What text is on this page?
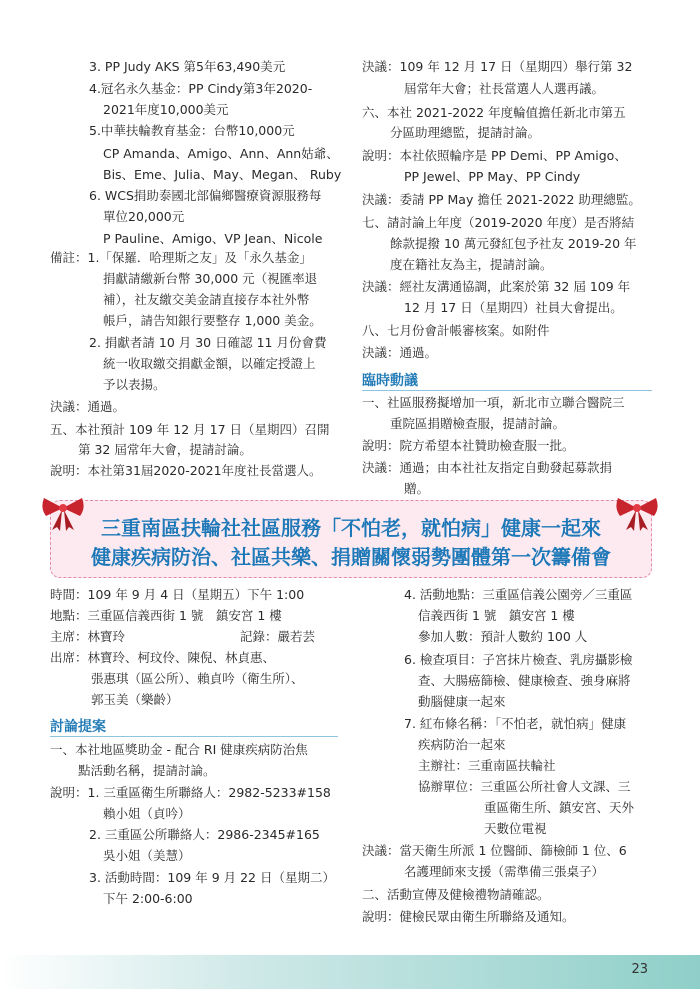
3. PP Judy AKS 第5年63,490美元
4.冠名永久基金：PP Cindy第3年2020-
2021年度10,000美元
5.中華扶輪教育基金：台幣10,000元
CP Amanda、Amigo、Ann、Ann姑爺、
Bis、Eme、Julia、May、Megan、 Ruby
6. WCS捐助泰國北部偏鄉醫療資源服務每
單位20,000元
P Pauline、Amigo、VP Jean、Nicole
備註：1.「保羅．哈理斯之友」及「永久基金」
捐獻請繳新台幣 30,000 元（視匯率退
補），社友繳交美金請直接存本社外幣
帳戶，請告知銀行要整存 1,000 美金。
2. 捐獻者請 10 月 30 日確認 11 月份會費
統一收取繳交捐獻金額，以確定授證上
予以表揚。
決議：通過。
五、本社預計 109 年 12 月 17 日（星期四）召開
第 32 屆常年大會，提請討論。
說明：本社第31屆2020-2021年度社長當選人。
決議：109 年 12 月 17 日（星期四）舉行第 32
屆常年大會；社長當選人人選再議。
六、本社 2021-2022 年度輪值擔任新北市第五
分區助理總監，提請討論。
說明：本社依照輪序是 PP Demi、PP Amigo、
PP Jewel、PP May、PP Cindy
決議：委請 PP May 擔任 2021-2022 助理總監。
七、請討論上年度（2019-2020 年度）是否將結
餘款提撥 10 萬元發紅包予社友 2019-20 年
度在籍社友為主，提請討論。
決議：經社友溝通協調，此案於第 32 屆 109 年
12 月 17 日（星期四）社員大會提出。
八、七月份會計帳審核案。如附件
決議：通過。
臨時動議
一、社區服務擬增加一項，新北市立聯合醫院三
重院區捐贈檢查服，提請討論。
說明：院方希望本社贊助檢查服一批。
決議：通過；由本社社友指定自動發起募款捐
贈。
三重南區扶輪社社區服務「不怕老，就怕病」健康一起來
健康疾病防治、社區共樂、捐贈關懷弱勢團體第一次籌備會
時間：109 年 9 月 4 日（星期五）下午 1:00
地點：三重區信義西街 1 號　鎮安宮 1 樓
主席：林寶玲	記錄：嚴若芸
出席：林寶玲、柯玟伶、陳倪、林貞惠、
張惠琪（區公所）、賴貞吟（衛生所）、
郭玉美（樂齡）
討論提案
一、本社地區獎助金 - 配合 RI 健康疾病防治焦
點活動名稱，提請討論。
說明：1. 三重區衛生所聯絡人：2982-5233#158
賴小姐（貞吟）
2. 三重區公所聯絡人：2986-2345#165
吳小姐（美慧）
3. 活動時間：109 年 9 月 22 日（星期二）
下午 2:00-6:00
4. 活動地點：三重區信義公園旁／三重區
信義西街 1 號　鎮安宮 1 樓
參加人數：預計人數約 100 人
6. 檢查項目：子宮抹片檢查、乳房攝影檢
查、大腸癌篩檢、健康檢查、強身麻將
動腦健康一起來
7. 紅布條名稱：「不怕老，就怕病」健康
疾病防治一起來
主辦社：三重南區扶輪社
協辦單位：三重區公所社會人文課、三
重區衛生所、鎮安宮、天外
天數位電視
決議：當天衛生所派 1 位醫師、篩檢師 1 位、6
名護理師來支援（需準備三張桌子）
二、活動宣傳及健檢禮物請確認。
說明：健檢民眾由衛生所聯絡及通知。
23
